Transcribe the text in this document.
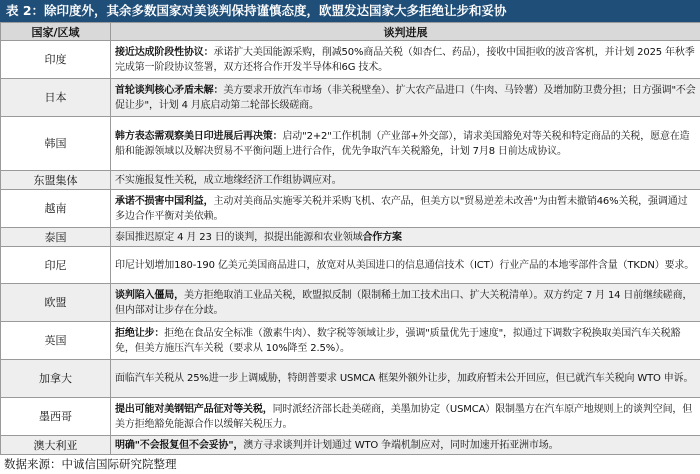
表 2：除印度外，其余多数国家对美谈判保持谨慎态度，欧盟发达国家大多拒绝让步和妥协
国家/区域	谈判进展
印度	接近达成阶段性协议：承诺扩大美国能源采购，削减50%商品关税（如杏仁、药品），接收中国拒收的波音客机，并计划 2025 年秋季完成第一阶段协议签署，双方还将合作开发半导体和6G 技术。
日本	首轮谈判核心矛盾未解：美方要求开放汽车市场（非关税壁垒）、扩大农产品进口（牛肉、马铃薯）及增加防卫费分担；日方强调"不会促让步"，计划 4 月底启动第二轮部长级磋商。
韩国	韩方表态需观察美日印进展后再决策：启动"2+2"工作机制（产业部+外交部），请求美国豁免对等关税和特定商品的关税，愿意在造船和能源领域以及解决贸易不平衡问题上进行合作，优先争取汽车关税豁免，计划 7月8 日前达成协议。
东盟集体	不实施报复性关税，成立地缘经济工作组协调应对。
越南	承诺不损害中国利益，主动对美商品实施零关税并采购飞机、农产品，但美方以"贸易逆差未改善"为由暂未撤销46%关税，强调通过多边合作平衡对美依赖。
泰国	泰国推迟原定 4 月 23 日的谈判，拟提出能源和农业领域合作方案
印尼	印尼计划增加180-190 亿美元美国商品进口，放宽对从美国进口的信息通信技术（ICT）行业产品的本地零部件含量（TKDN）要求。
欧盟	谈判陷入僵局，美方拒绝取消工业品关税，欧盟拟反制（限制稀土加工技术出口、扩大关税清单）。双方约定 7 月 14 日前继续磋商，但内部对让步存在分歧。
英国	拒绝让步：拒绝在食品安全标准（激素牛肉）、数字税等领域让步，强调"质量优先于速度"，拟通过下调数字税换取美国汽车关税豁免，但美方施压汽车关税（要求从 10%降至 2.5%）。
加拿大	面临汽车关税从 25%进一步上调威胁，特朗普要求 USMCA 框架外额外让步，加政府暂未公开回应，但已就汽车关税向 WTO 申诉。
墨西哥	提出可能对美钢铝产品征对等关税，同时派经济部长赴美磋商，美墨加协定（USMCA）限制墨方在汽车原产地规则上的谈判空间，但美方拒绝豁免能源合作以缓解关税压力。
澳大利亚	明确"不会报复但不会妥协"，澳方寻求谈判并计划通过 WTO 争端机制应对，同时加速开拓亚洲市场。
数据来源：中诚信国际研究院整理
